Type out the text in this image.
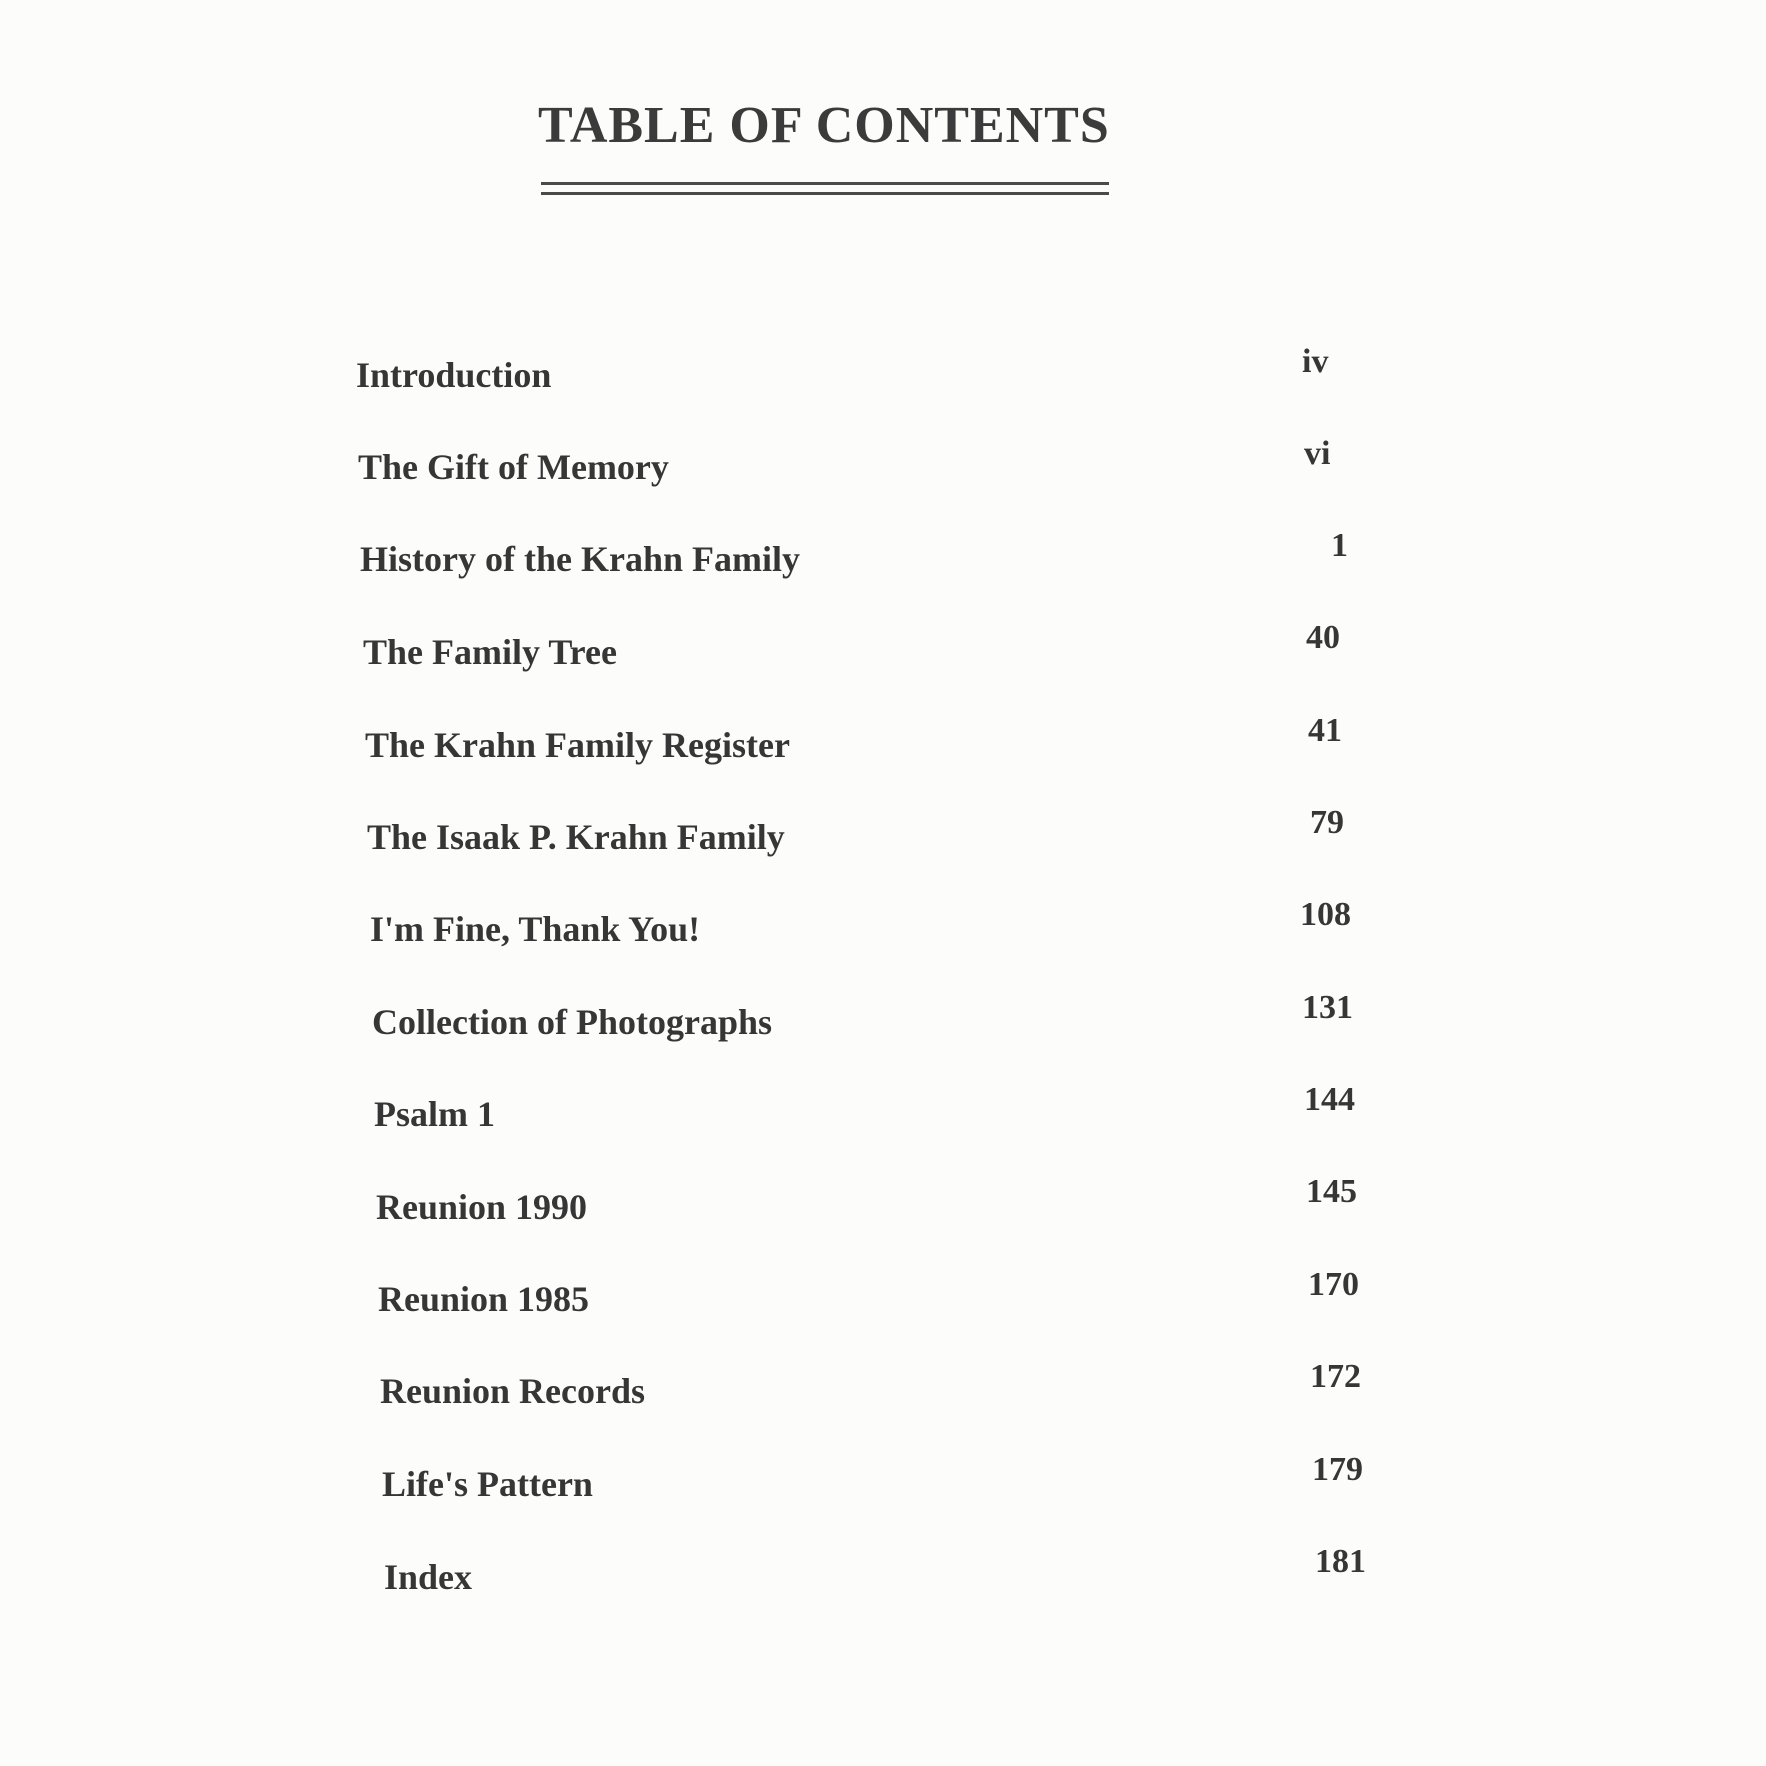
TABLE OF CONTENTS
Introduction	iv
The Gift of Memory	vi
History of the Krahn Family	1
The Family Tree	40
The Krahn Family Register	41
The Isaak P. Krahn Family	79
I'm Fine, Thank You!	108
Collection of Photographs	131
Psalm 1	144
Reunion 1990	145
Reunion 1985	170
Reunion Records	172
Life's Pattern	179
Index	181
